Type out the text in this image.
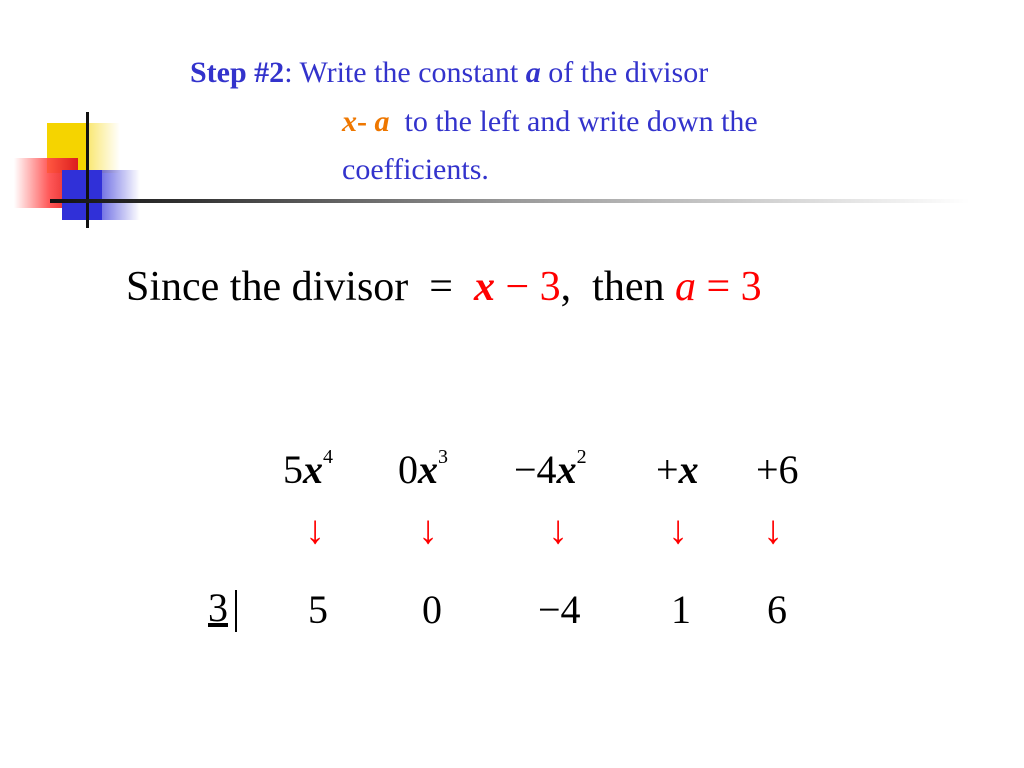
Step #2: Write the constant a of the divisor
x- a  to the left and write down the
coefficients.
Since the divisor  =  x − 3,  then a = 3
$5x^4$ $0x^3 -4x^2 +x +6$
↓ ↓	↓	↓ ↓
3 5 0 −4 1 6
